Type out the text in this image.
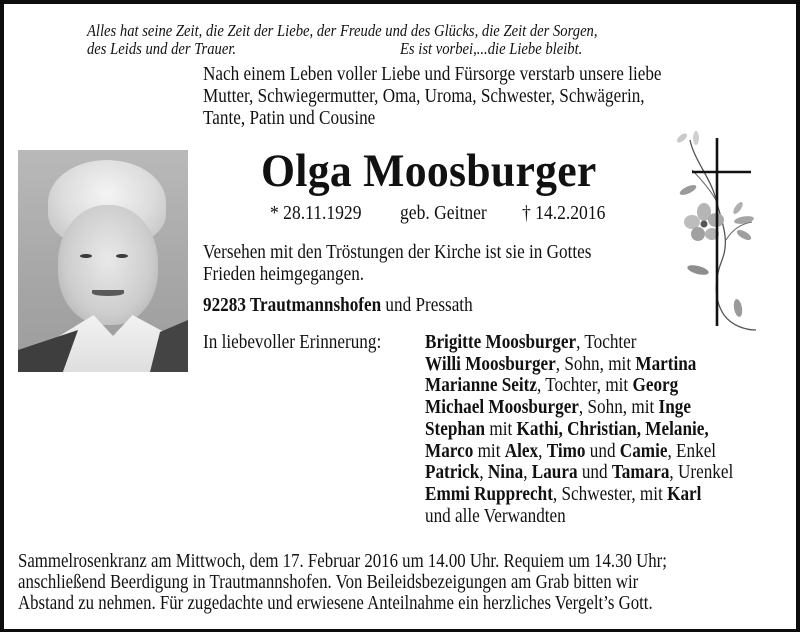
Alles hat seine Zeit, die Zeit der Liebe, der Freude und des Glücks, die Zeit der Sorgen,
des Leids und der Trauer.	Es ist vorbei,...die Liebe bleibt.
Nach einem Leben voller Liebe und Fürsorge verstarb unsere liebe
Mutter, Schwiegermutter, Oma, Uroma, Schwester, Schwägerin,
Tante, Patin und Cousine
Olga Moosburger
* 28.11.1929	geb. Geitner	† 14.2.2016
Versehen mit den Tröstungen der Kirche ist sie in Gottes
Frieden heimgegangen.
92283 Trautmannshofen und Pressath
In liebevoller Erinnerung:	Brigitte Moosburger, Tochter
Willi Moosburger, Sohn, mit Martina
Marianne Seitz, Tochter, mit Georg
Michael Moosburger, Sohn, mit Inge
Stephan mit Kathi, Christian, Melanie,
Marco mit Alex, Timo und Camie, Enkel
Patrick, Nina, Laura und Tamara, Urenkel
Emmi Rupprecht, Schwester, mit Karl
und alle Verwandten
Sammelrosenkranz am Mittwoch, dem 17. Februar 2016 um 14.00 Uhr. Requiem um 14.30 Uhr;
anschließend Beerdigung in Trautmannshofen. Von Beileidsbezeigungen am Grab bitten wir
Abstand zu nehmen. Für zugedachte und erwiesene Anteilnahme ein herzliches Vergelt’s Gott.
